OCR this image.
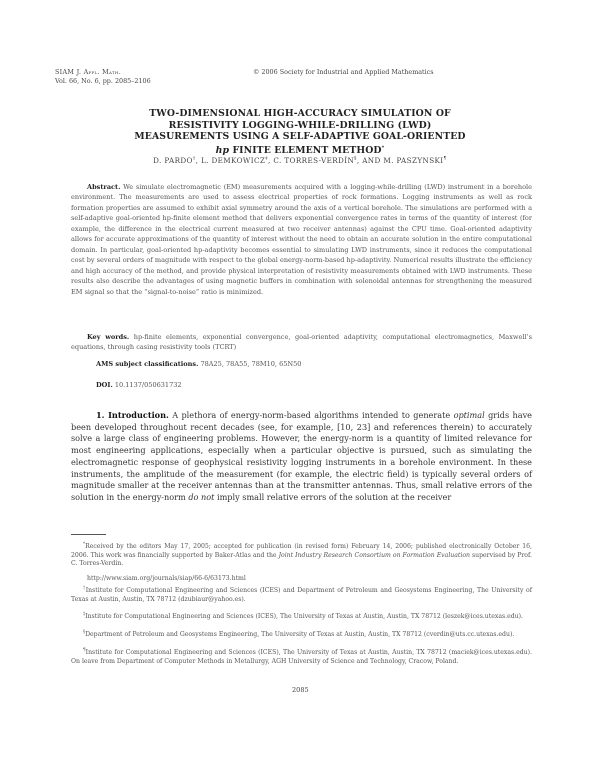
SIAM J. Appl. Math.
Vol. 66, No. 6, pp. 2085–2106
© 2006 Society for Industrial and Applied Mathematics
TWO-DIMENSIONAL HIGH-ACCURACY SIMULATION OF
RESISTIVITY LOGGING-WHILE-DRILLING (LWD)
MEASUREMENTS USING A SELF-ADAPTIVE GOAL-ORIENTED
hp FINITE ELEMENT METHOD*
D. PARDO†, L. DEMKOWICZ‡, C. TORRES-VERDÍN§, AND M. PASZYNSKI¶

Abstract. We simulate electromagnetic (EM) measurements acquired with a logging-while-drilling (LWD) instrument in a borehole environment. The measurements are used to assess electrical properties of rock formations. Logging instruments as well as rock formation properties are assumed to exhibit axial symmetry around the axis of a vertical borehole. The simulations are performed with a self-adaptive goal-oriented hp-finite element method that delivers exponential convergence rates in terms of the quantity of interest (for example, the difference in the electrical current measured at two receiver antennas) against the CPU time. Goal-oriented adaptivity allows for accurate approximations of the quantity of interest without the need to obtain an accurate solution in the entire computational domain. In particular, goal-oriented hp-adaptivity becomes essential to simulating LWD instruments, since it reduces the computational cost by several orders of magnitude with respect to the global energy-norm-based hp-adaptivity. Numerical results illustrate the efficiency and high accuracy of the method, and provide physical interpretation of resistivity measurements obtained with LWD instruments. These results also describe the advantages of using magnetic buffers in combination with solenoidal antennas for strengthening the measured EM signal so that the “signal-to-noise” ratio is minimized.

Key words. hp-finite elements, exponential convergence, goal-oriented adaptivity, computational electromagnetics, Maxwell’s equations, through casing resistivity tools (TCRT)

AMS subject classifications. 78A25, 78A55, 78M10, 65N50
DOI. 10.1137/050631732

1. Introduction. A plethora of energy-norm-based algorithms intended to generate optimal grids have been developed throughout recent decades (see, for example, [10, 23] and references therein) to accurately solve a large class of engineering problems. However, the energy-norm is a quantity of limited relevance for most engineering applications, especially when a particular objective is pursued, such as simulating the electromagnetic response of geophysical resistivity logging instruments in a borehole environment. In these instruments, the amplitude of the measurement (for example, the electric field) is typically several orders of magnitude smaller at the receiver antennas than at the transmitter antennas. Thus, small relative errors of the solution in the energy-norm do not imply small relative errors of the solution at the receiver

*Received by the editors May 17, 2005; accepted for publication (in revised form) February 14, 2006; published electronically October 16, 2006. This work was financially supported by Baker-Atlas and the Joint Industry Research Consortium on Formation Evaluation supervised by Prof. C. Torres-Verdín.

http://www.siam.org/journals/siap/66-6/63173.html

†Institute for Computational Engineering and Sciences (ICES) and Department of Petroleum and Geosystems Engineering, The University of Texas at Austin, Austin, TX 78712 (dzubiaur@yahoo.es).

‡Institute for Computational Engineering and Sciences (ICES), The University of Texas at Austin, Austin, TX 78712 (leszek@ices.utexas.edu).

§Department of Petroleum and Geosystems Engineering, The University of Texas at Austin, Austin, TX 78712 (cverdin@uts.cc.utexas.edu).

¶Institute for Computational Engineering and Sciences (ICES), The University of Texas at Austin, Austin, TX 78712 (maciek@ices.utexas.edu). On leave from Department of Computer Methods in Metallurgy, AGH University of Science and Technology, Cracow, Poland.

2085
